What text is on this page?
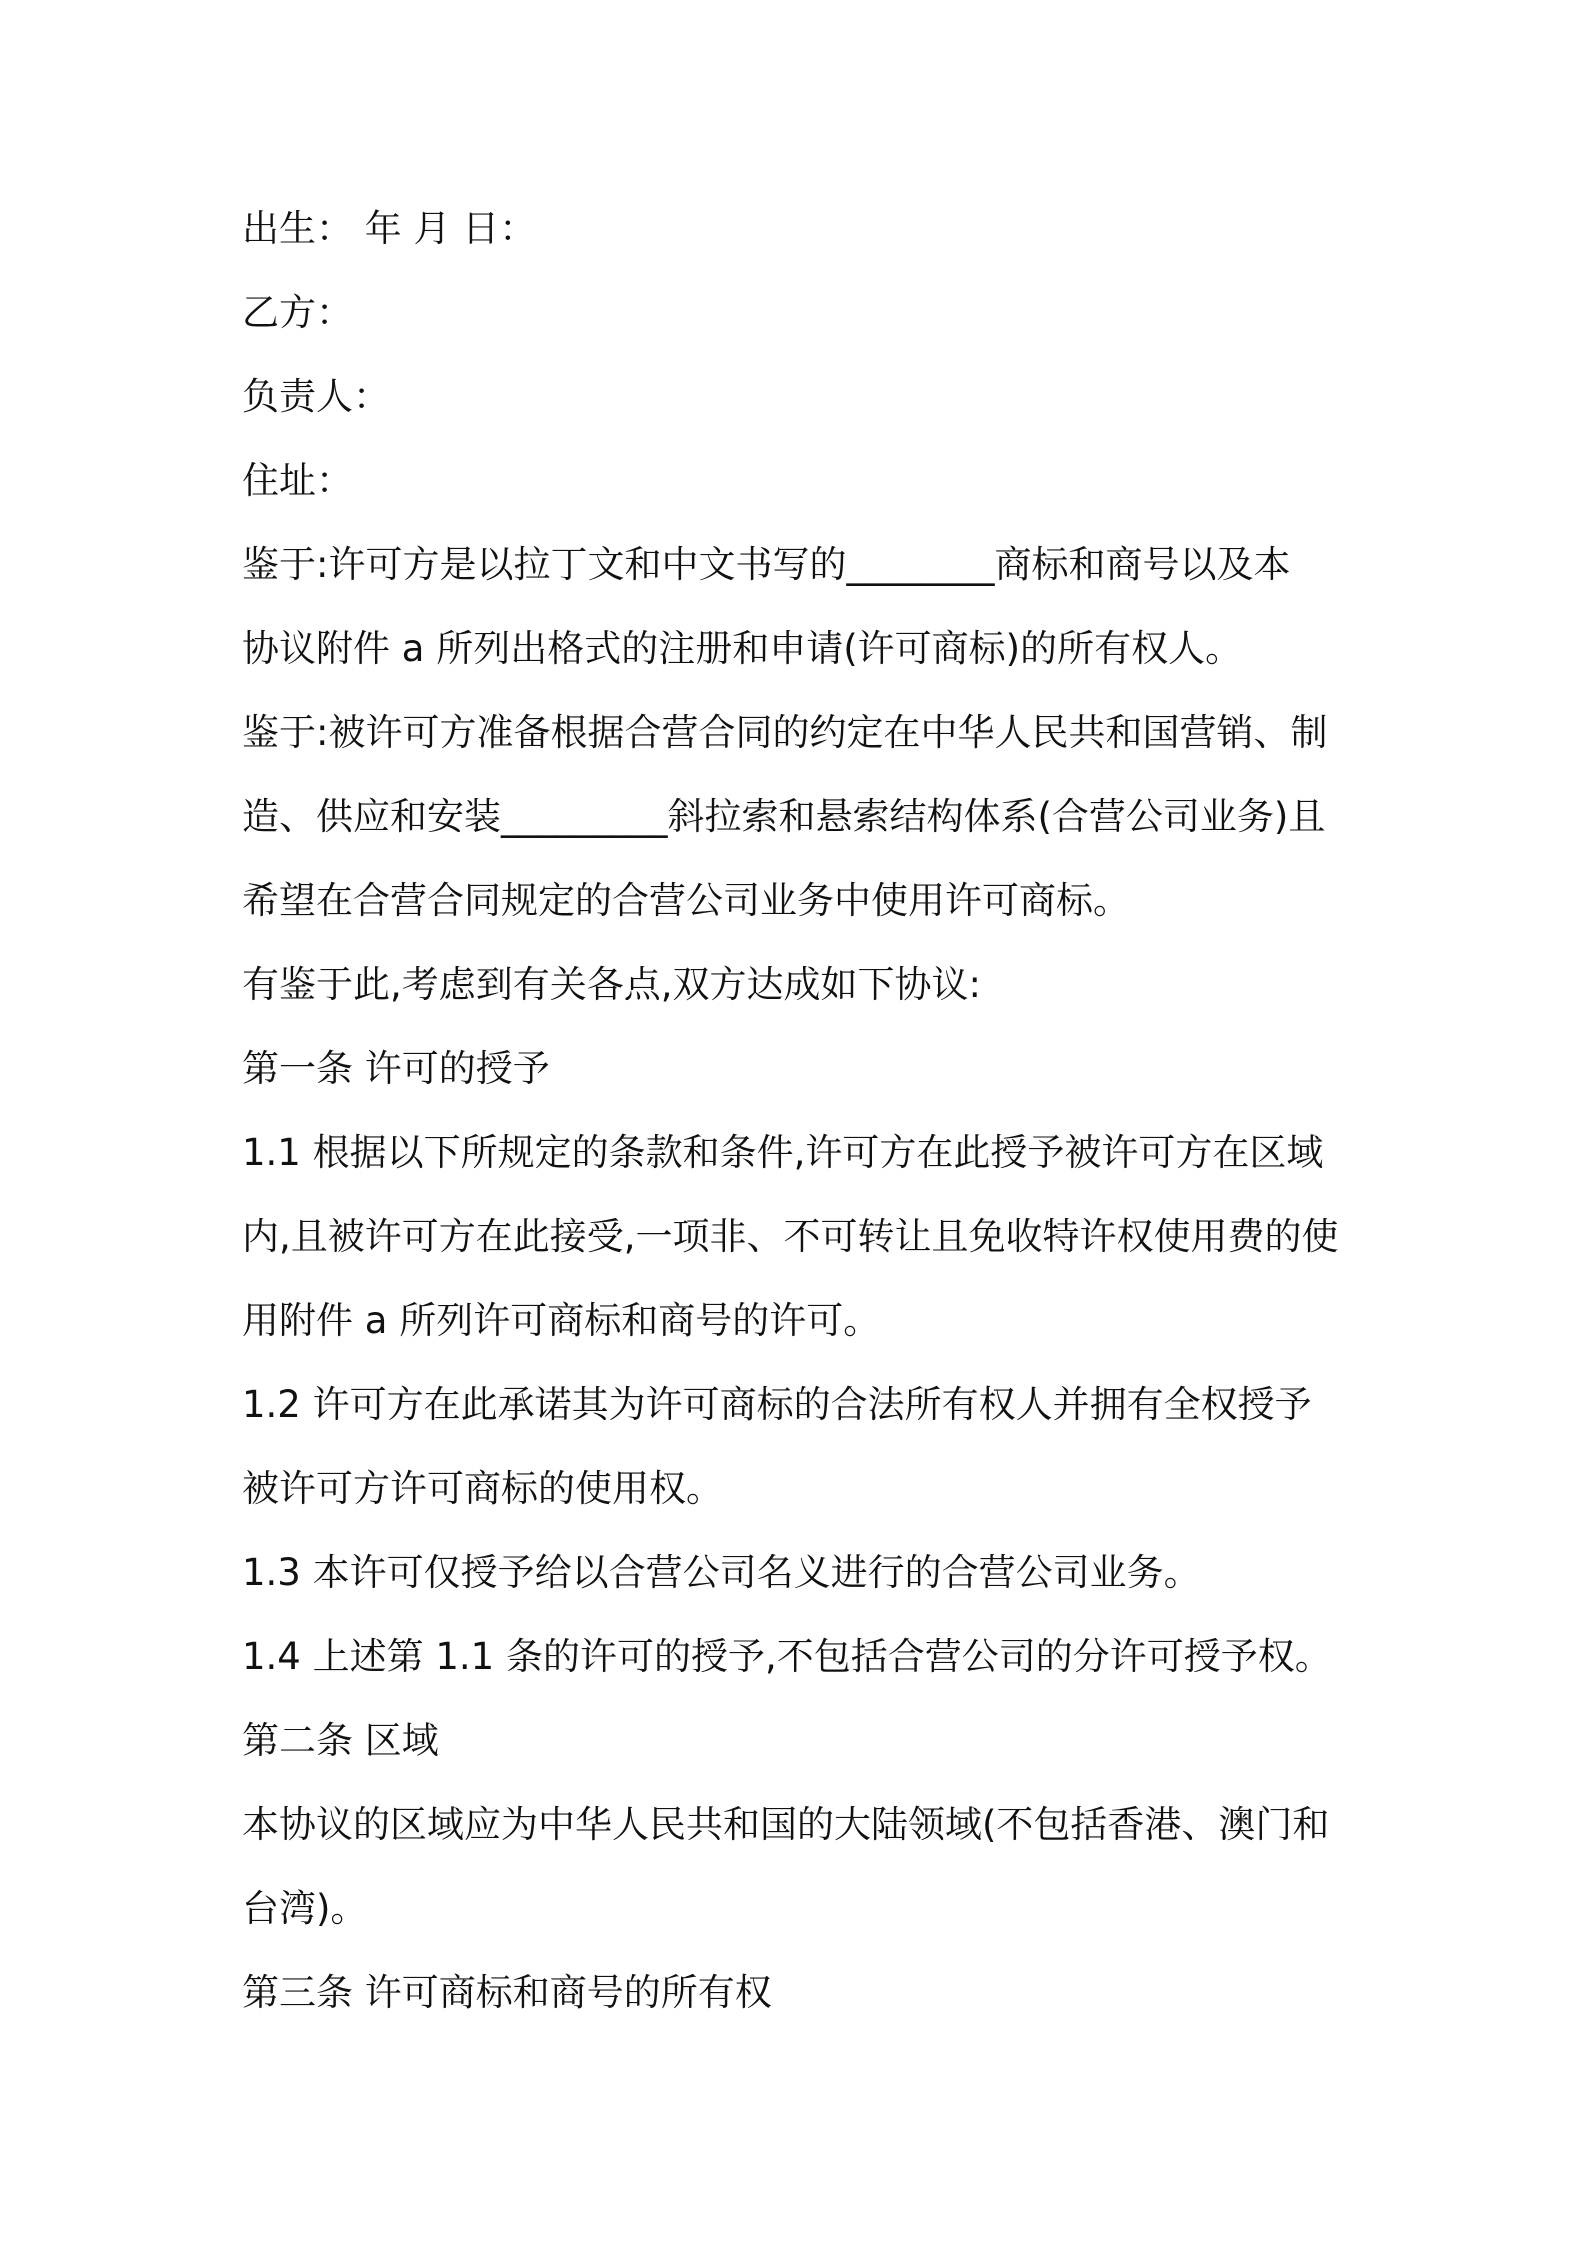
出生： 年 月 日：
乙方：
负责人：
住址：
鉴于:许可方是以拉丁文和中文书写的________商标和商号以及本
协议附件 a 所列出格式的注册和申请(许可商标)的所有权人。
鉴于:被许可方准备根据合营合同的约定在中华人民共和国营销、制
造、供应和安装_________斜拉索和悬索结构体系(合营公司业务)且
希望在合营合同规定的合营公司业务中使用许可商标。
有鉴于此,考虑到有关各点,双方达成如下协议:
第一条 许可的授予
1.1 根据以下所规定的条款和条件,许可方在此授予被许可方在区域
内,且被许可方在此接受,一项非、不可转让且免收特许权使用费的使
用附件 a 所列许可商标和商号的许可。
1.2 许可方在此承诺其为许可商标的合法所有权人并拥有全权授予
被许可方许可商标的使用权。
1.3 本许可仅授予给以合营公司名义进行的合营公司业务。
1.4 上述第 1.1 条的许可的授予,不包括合营公司的分许可授予权。
第二条 区域
本协议的区域应为中华人民共和国的大陆领域(不包括香港、澳门和
台湾)。
第三条 许可商标和商号的所有权
